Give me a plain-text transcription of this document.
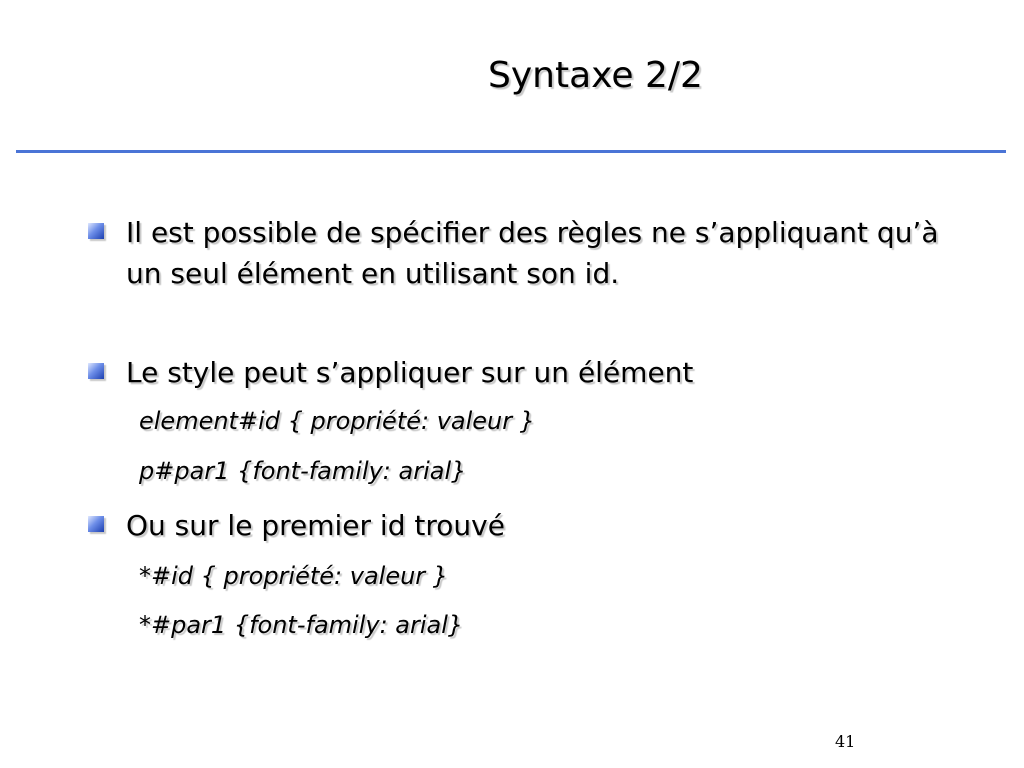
Syntaxe 2/2
Il est possible de spécifier des règles ne s’appliquant qu’à un seul élément en utilisant son id.
Le style peut s’appliquer sur un élément
element#id { propriété: valeur }
p#par1 {font-family: arial}
Ou sur le premier id trouvé
*#id { propriété: valeur }
*#par1 {font-family: arial}
41
